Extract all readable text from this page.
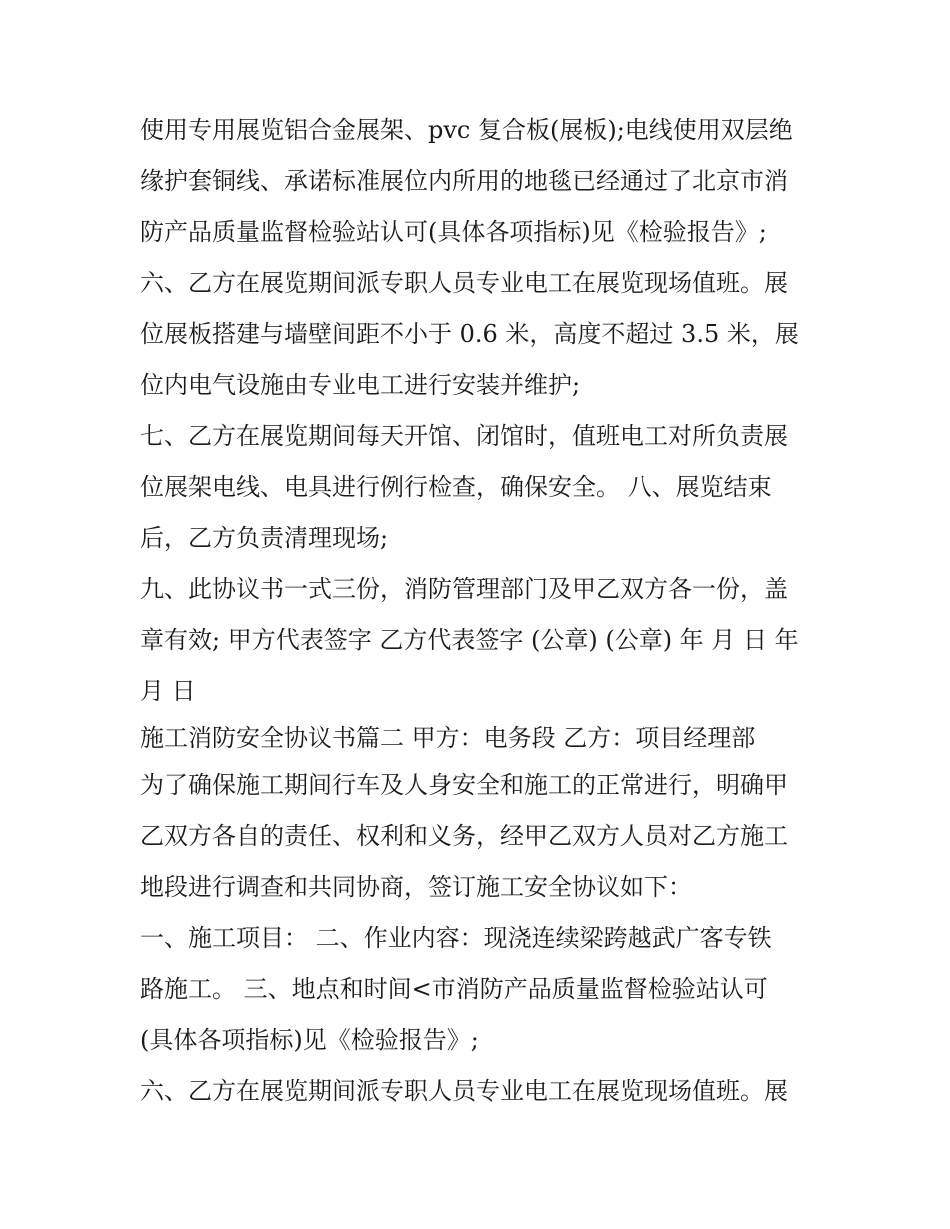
使用专用展览铝合金展架、pvc 复合板(展板);电线使用双层绝
缘护套铜线、承诺标准展位内所用的地毯已经通过了北京市消
防产品质量监督检验站认可(具体各项指标)见《检验报告》;
六、乙方在展览期间派专职人员专业电工在展览现场值班。展
位展板搭建与墙壁间距不小于 0.6 米，高度不超过 3.5 米，展
位内电气设施由专业电工进行安装并维护;
七、乙方在展览期间每天开馆、闭馆时，值班电工对所负责展
位展架电线、电具进行例行检查，确保安全。 八、展览结束
后，乙方负责清理现场;
九、此协议书一式三份，消防管理部门及甲乙双方各一份，盖
章有效; 甲方代表签字 乙方代表签字 (公章) (公章) 年 月 日 年
月 日
施工消防安全协议书篇二 甲方：电务段 乙方：项目经理部
为了确保施工期间行车及人身安全和施工的正常进行，明确甲
乙双方各自的责任、权利和义务，经甲乙双方人员对乙方施工
地段进行调查和共同协商，签订施工安全协议如下：
一、施工项目： 二、作业内容：现浇连续梁跨越武广客专铁
路施工。 三、地点和时间<市消防产品质量监督检验站认可
(具体各项指标)见《检验报告》;
六、乙方在展览期间派专职人员专业电工在展览现场值班。展
